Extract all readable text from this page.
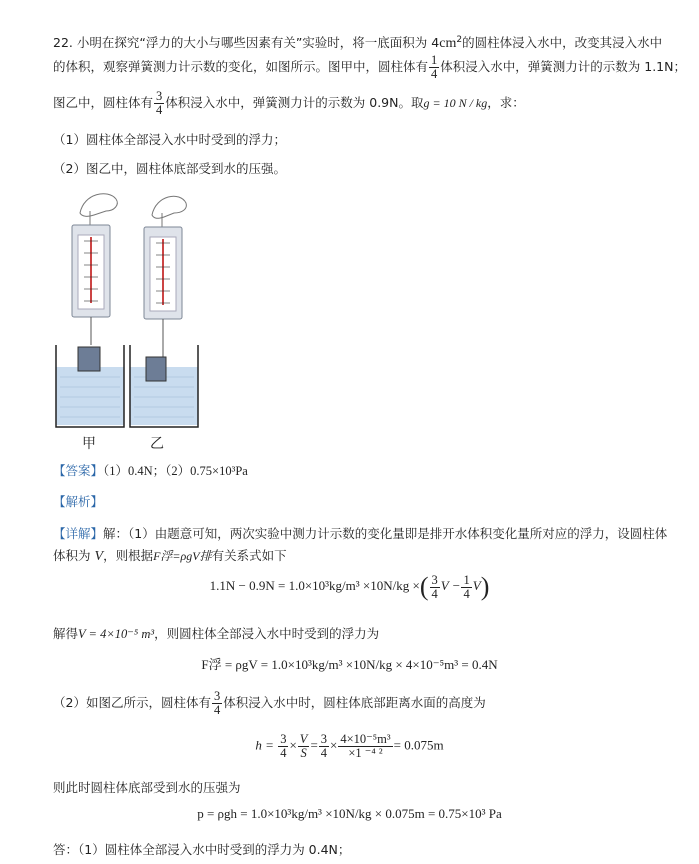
22. 小明在探究“浮力的大小与哪些因素有关”实验时，将一底面积为 $4cm^2$的圆柱体浸入水中，改变其浸入水中
的体积，观察弹簧测力计示数的变化，如图所示。图甲中，圆柱体有 $\frac{1}{4}$ 体积浸入水中，弹簧测力计的示数为 1.1N；
图乙中，圆柱体有 $\frac{3}{4}$ 体积浸入水中，弹簧测力计的示数为 0.9N。取g = 10 N / kg，求：
（1）圆柱体全部浸入水中时受到的浮力；
（2）图乙中，圆柱体底部受到水的压强。
甲	乙
【答案】（1）0.4N；（2）0.75×10³Pa
【解析】
【详解】解：（1）由题意可知，两次实验中测力计示数的变化量即是排开水体积变化量所对应的浮力，设圆柱体
体积为 V，则根据F浮=ρgV排有关系式如下
1.1N − 0.9N = 1.0×10³kg/m³ ×10N/kg ×( $\frac{3}{4}$ $V - \frac{1}{4} V$)
解得V = 4×10⁻⁵ m³，则圆柱体全部浸入水中时受到的浮力为
F浮 = ρgV = 1.0×10³kg/m³ ×10N/kg × 4×10⁻⁵m³ = 0.4N
（2）如图乙所示，圆柱体有 $\frac{3}{4}$ 体积浸入水中时，圆柱体底部距离水面的高度为
$h = \frac{3}{4} \times \frac{V}{S} = \frac{3}{4} \times \frac{\text{4×10⁻⁵m³}}{\text{×1 ⁻⁴ ²}} = 0.075m$
则此时圆柱体底部受到水的压强为
p = ρgh = 1.0×10³kg/m³ ×10N/kg × 0.075m = 0.75×10³ Pa
答：（1）圆柱体全部浸入水中时受到的浮力为 0.4N；
